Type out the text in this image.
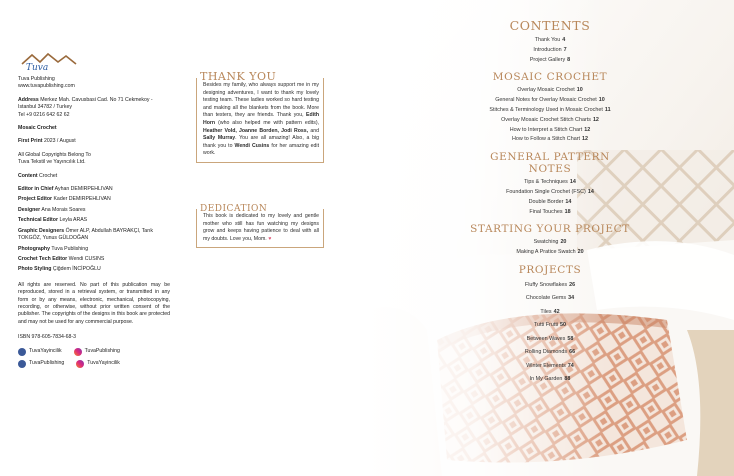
Tuva

Tuva Publishing

www.tuvapublishing.com

Address Merkez Mah. Cavusbasi Cad. No 71 Cekmekoy - Istanbul 34782 / Turkey

Tel +9 0216 642 62 62

Mosaic Crochet

First Print 2023 / August

All Global Copyrights Belong To

Tuva Tekstil ve Yayıncılık Ltd.

Content Crochet

Editor in Chief Ayhan DEMIRPEHLIVAN

Project Editor Kader DEMIRPEHLIVAN

Designer Ana Morais Soares

Technical Editor Leyla ARAS

Graphic Designers Ömer ALP, Abdullah BAYRAKÇI, Tarık TOKGÖZ, Yunus GÜLDOĞAN

Photography Tuva Publishing

Crochet Tech Editor Wendi CUSINS

Photo Styling Çiğdem İNCİPOĞLU

All rights are reserved. No part of this publication may be reproduced, stored in a retrieval system, or transmitted in any form or by any means, electronic, mechanical, photocopying, recording, or otherwise, without prior written consent of the publisher. The copyrights of the designs in this book are protected and may not be used for any commercial purpose.

ISBN 978-605-7834-68-3

TuvaYayincilik	TuvaPublishing
TuvaPublishing	TuvaYayincilik
THANK YOU

Besides my family, who always support me in my designing adventures, I want to thank my lovely testing team. These ladies worked so hard testing and making all the blankets from the book. More than testers, they are friends. Thank you, Edith Horn (who also helped me with pattern edits), Heather Vold, Joanne Borden, Jodi Ross, and Sally Murray. You are all amazing! Also, a big thank you to Wendi Cusins for her amazing edit work.

DEDICATION

This book is dedicated to my lovely and gentle mother who still has fun watching my designs grow and keeps having patience to deal with all my doubts. Love you, Mom. ♥

CONTENTS
Thank You 4
Introduction 7
Project Gallery 8
MOSAIC CROCHET
Overlay Mosaic Crochet 10
General Notes for Overlay Mosaic Crochet 10
Stitches & Terminology Used in Mosaic Crochet 11
Overlay Mosaic Crochet Stitch Charts 12
How to Interpret a Stitch Chart 12
How to Follow a Stitch Chart 12
GENERAL PATTERN NOTES
Tips & Techniques 14
Foundation Single Crochet (FSC) 14
Double Border 14
Final Touches 18
STARTING YOUR PROJECT
Swatching 20
Making A Pratice Swatch 20
PROJECTS
Fluffy Snowflakes 26
Chocolate Gems 34
Tiles 42
Tutti Frutti 50
Between Waves 58
Rolling Diamonds 66
Winter Elements 74
In My Garden 88
